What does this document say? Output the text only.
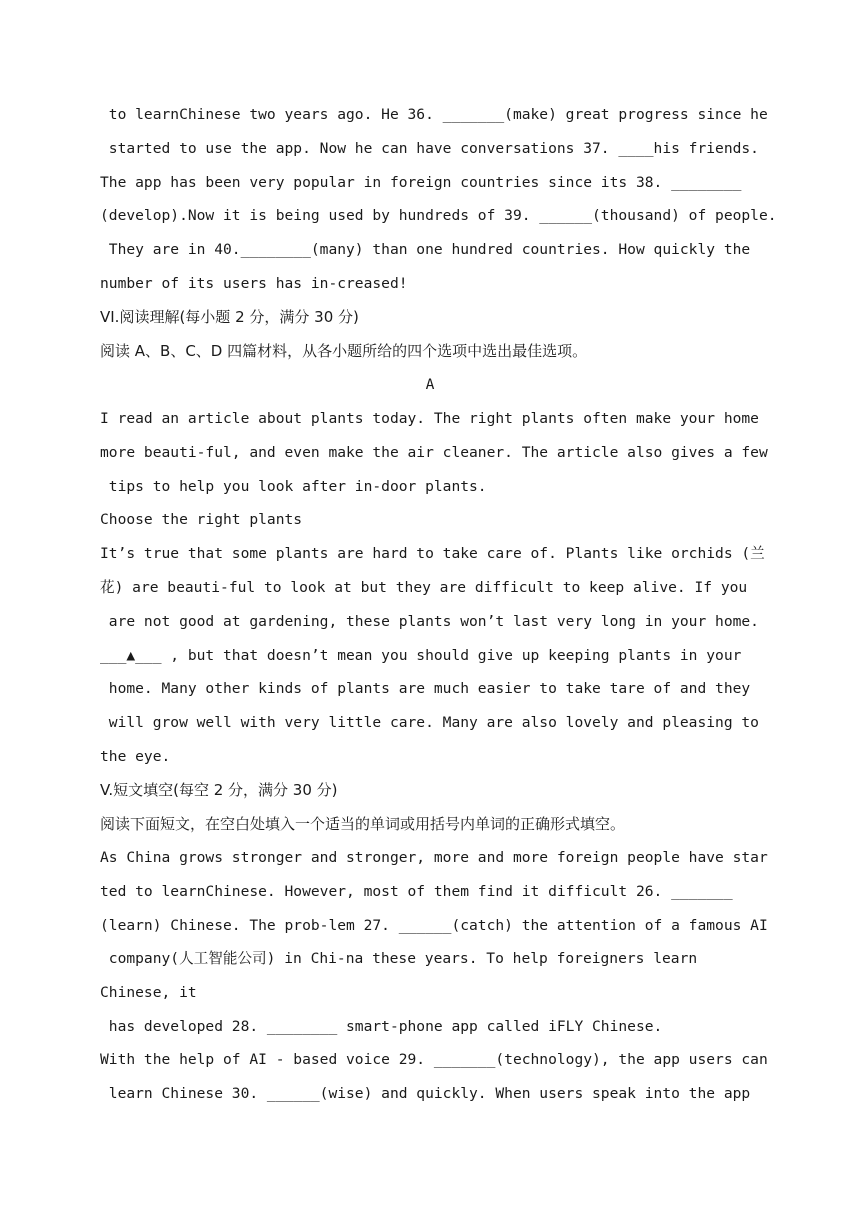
to learnChinese two years ago. He 36. _______(make) great progress since he
started to use the app. Now he can have conversations 37. ____his friends.
The app has been very popular in foreign countries since its 38. ________
(develop).Now it is being used by hundreds of 39. ______(thousand) of people.
They are in 40.________(many) than one hundred countries. How quickly the
number of its users has in-creased!
VI.阅读理解(每小题 2 分，满分 30 分)
阅读 A、B、C、D 四篇材料，从各小题所给的四个选项中选出最佳选项。
A
I read an article about plants today. The right plants often make your home
more beauti-ful, and even make the air cleaner. The article also gives a few
tips to help you look after in-door plants.
Choose the right plants
It’s true that some plants are hard to take care of. Plants like orchids (兰
花) are beauti-ful to look at but they are difficult to keep alive. If you
are not good at gardening, these plants won’t last very long in your home.
___▲___ , but that doesn’t mean you should give up keeping plants in your
home. Many other kinds of plants are much easier to take tare of and they
will grow well with very little care. Many are also lovely and pleasing to
the eye.
V.短文填空(每空 2 分，满分 30 分)
阅读下面短文，在空白处填入一个适当的单词或用括号内单词的正确形式填空。
As China grows stronger and stronger, more and more foreign people have star
ted to learnChinese. However, most of them find it difficult 26. _______
(learn) Chinese. The prob-lem 27. ______(catch) the attention of a famous AI
company(人工智能公司) in Chi-na these years. To help foreigners learn
Chinese, it
has developed 28. ________ smart-phone app called iFLY Chinese.
With the help of AI - based voice 29. _______(technology), the app users can
learn Chinese 30. ______(wise) and quickly. When users speak into the app
